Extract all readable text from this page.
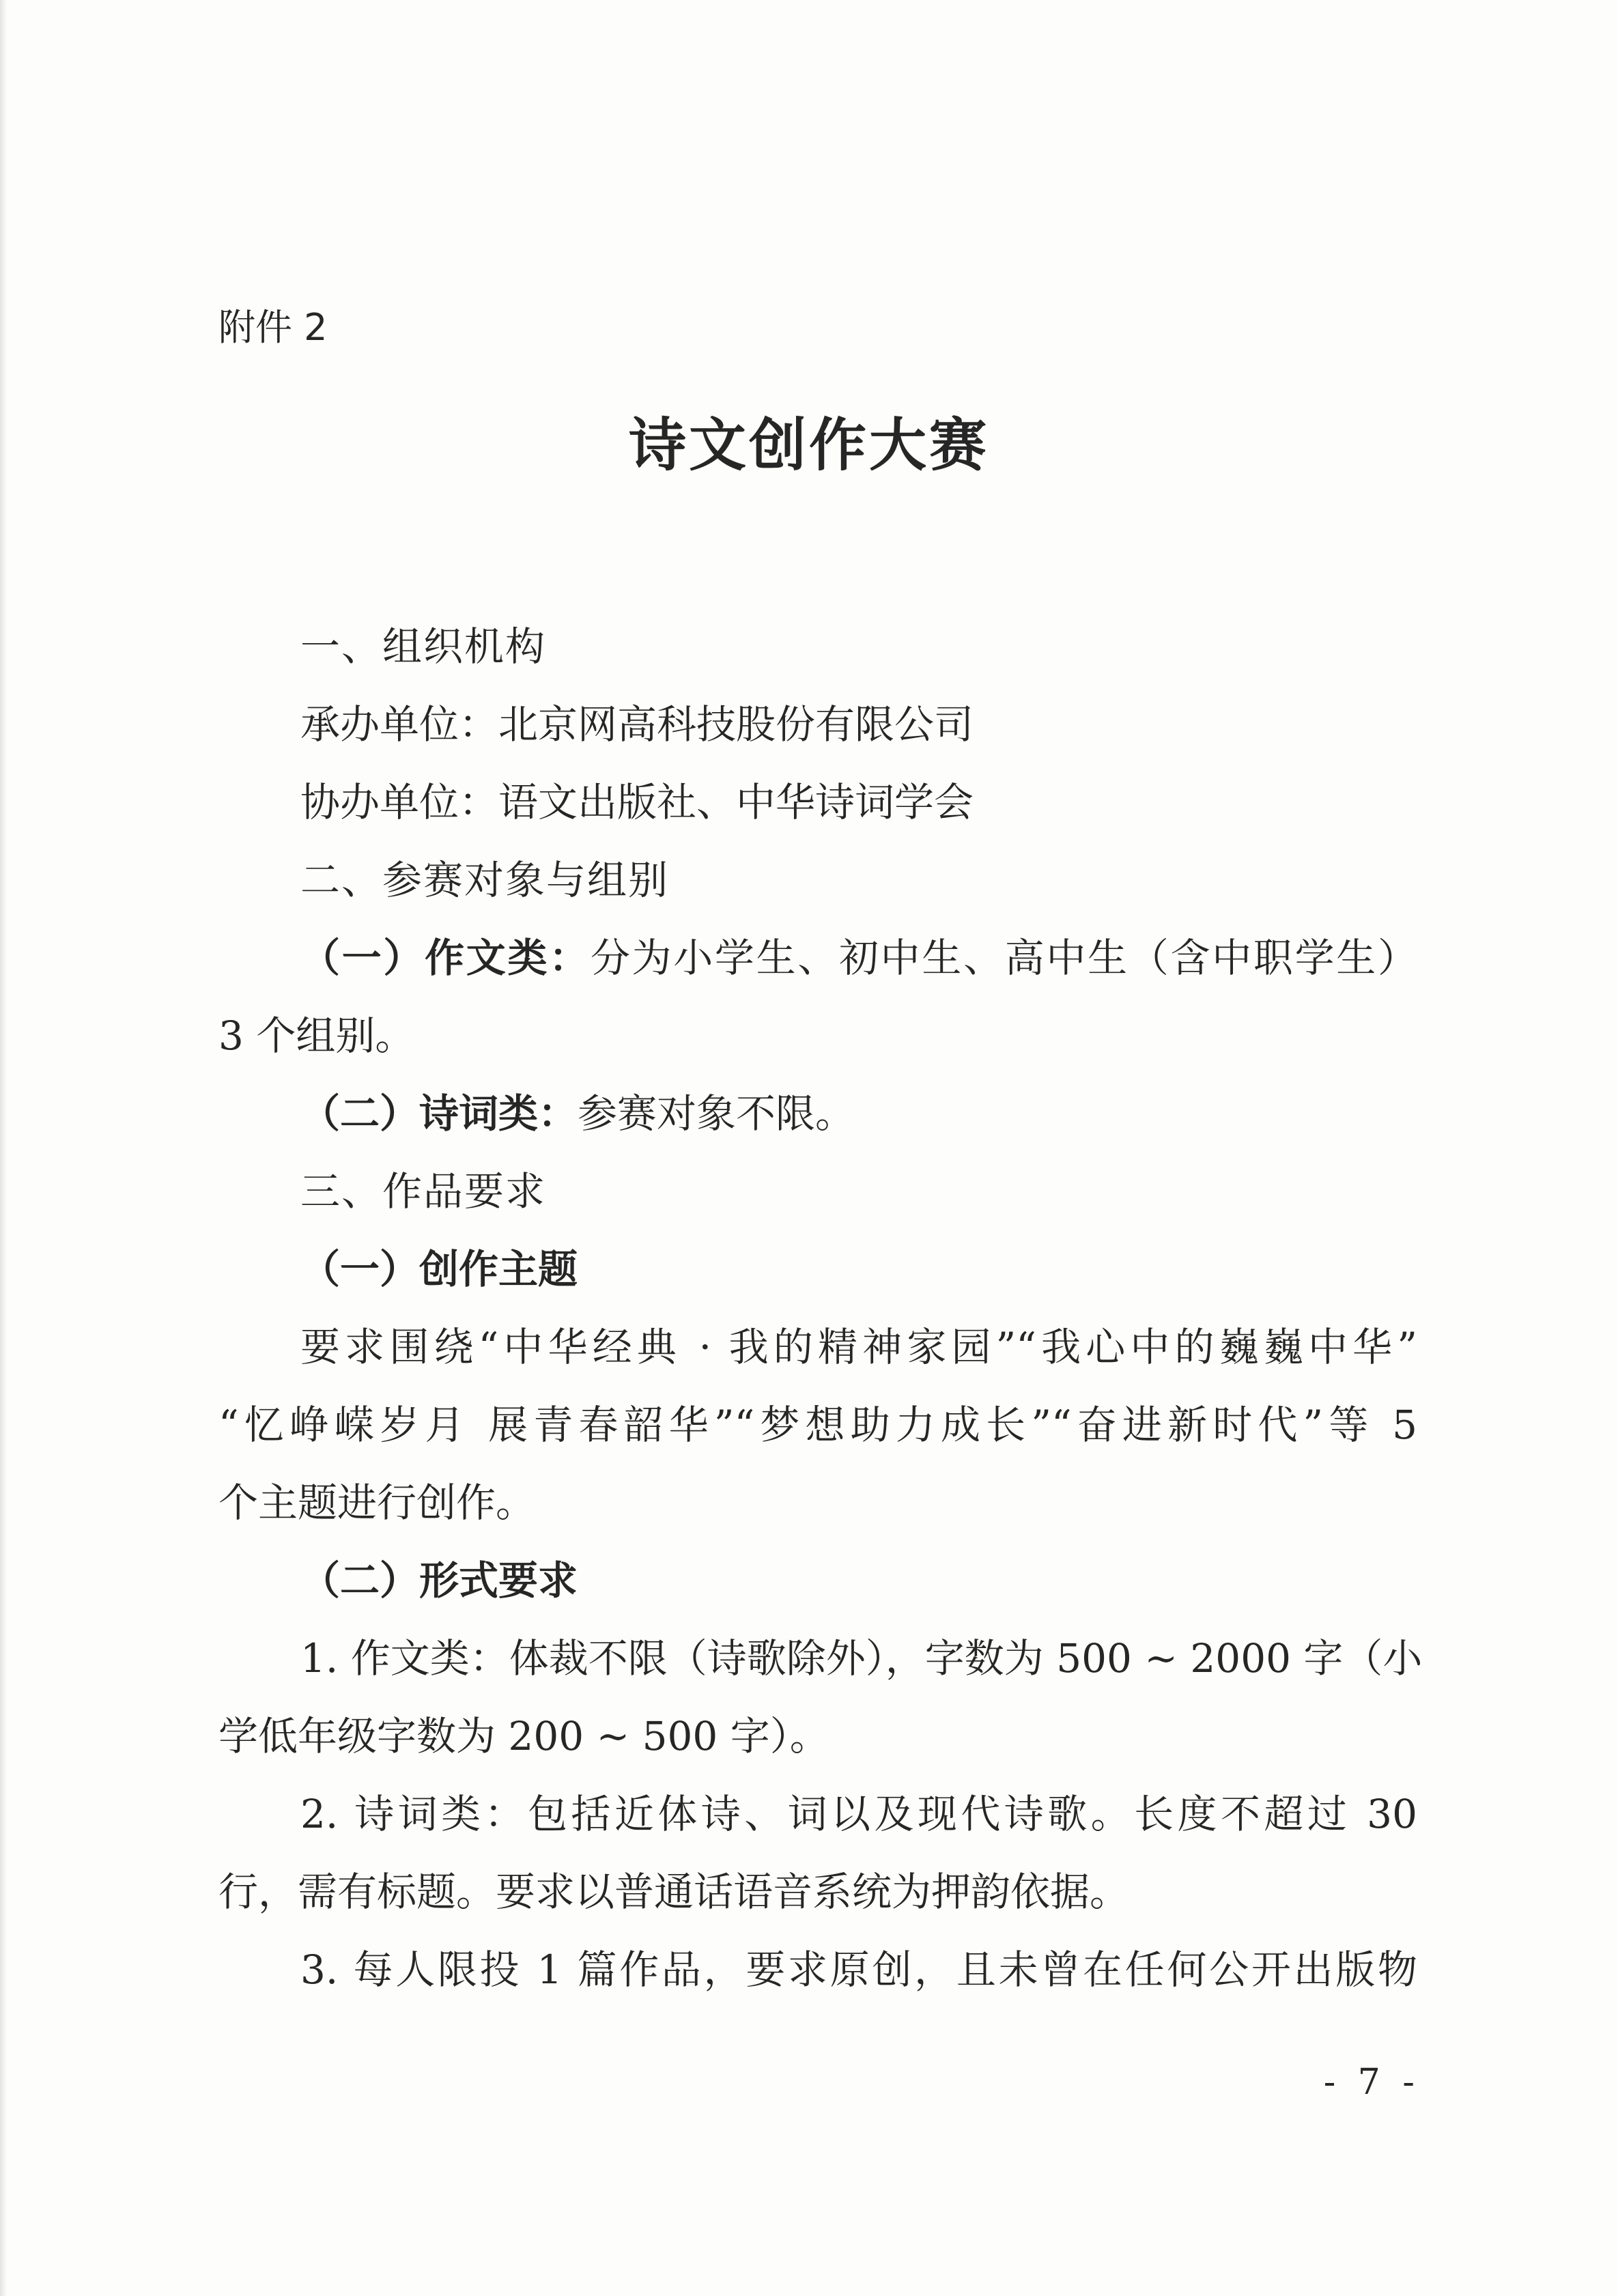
附件 2
诗文创作大赛
一、组织机构
承办单位：北京网高科技股份有限公司
协办单位：语文出版社、中华诗词学会
二、参赛对象与组别
（一）作文类：分为小学生、初中生、高中生（含中职学生）
3 个组别。
（二）诗词类：参赛对象不限。
三、作品要求
（一）创作主题
要求围绕“中华经典 · 我的精神家园”“我心中的巍巍中华”
“忆峥嵘岁月 展青春韶华”“梦想助力成长”“奋进新时代”等 5
个主题进行创作。
（二）形式要求
1. 作文类：体裁不限（诗歌除外），字数为 500 ~ 2000 字（小
学低年级字数为 200 ~ 500 字）。
2. 诗词类：包括近体诗、词以及现代诗歌。长度不超过 30
行，需有标题。要求以普通话语音系统为押韵依据。
3. 每人限投 1 篇作品，要求原创，且未曾在任何公开出版物
- 7 -
